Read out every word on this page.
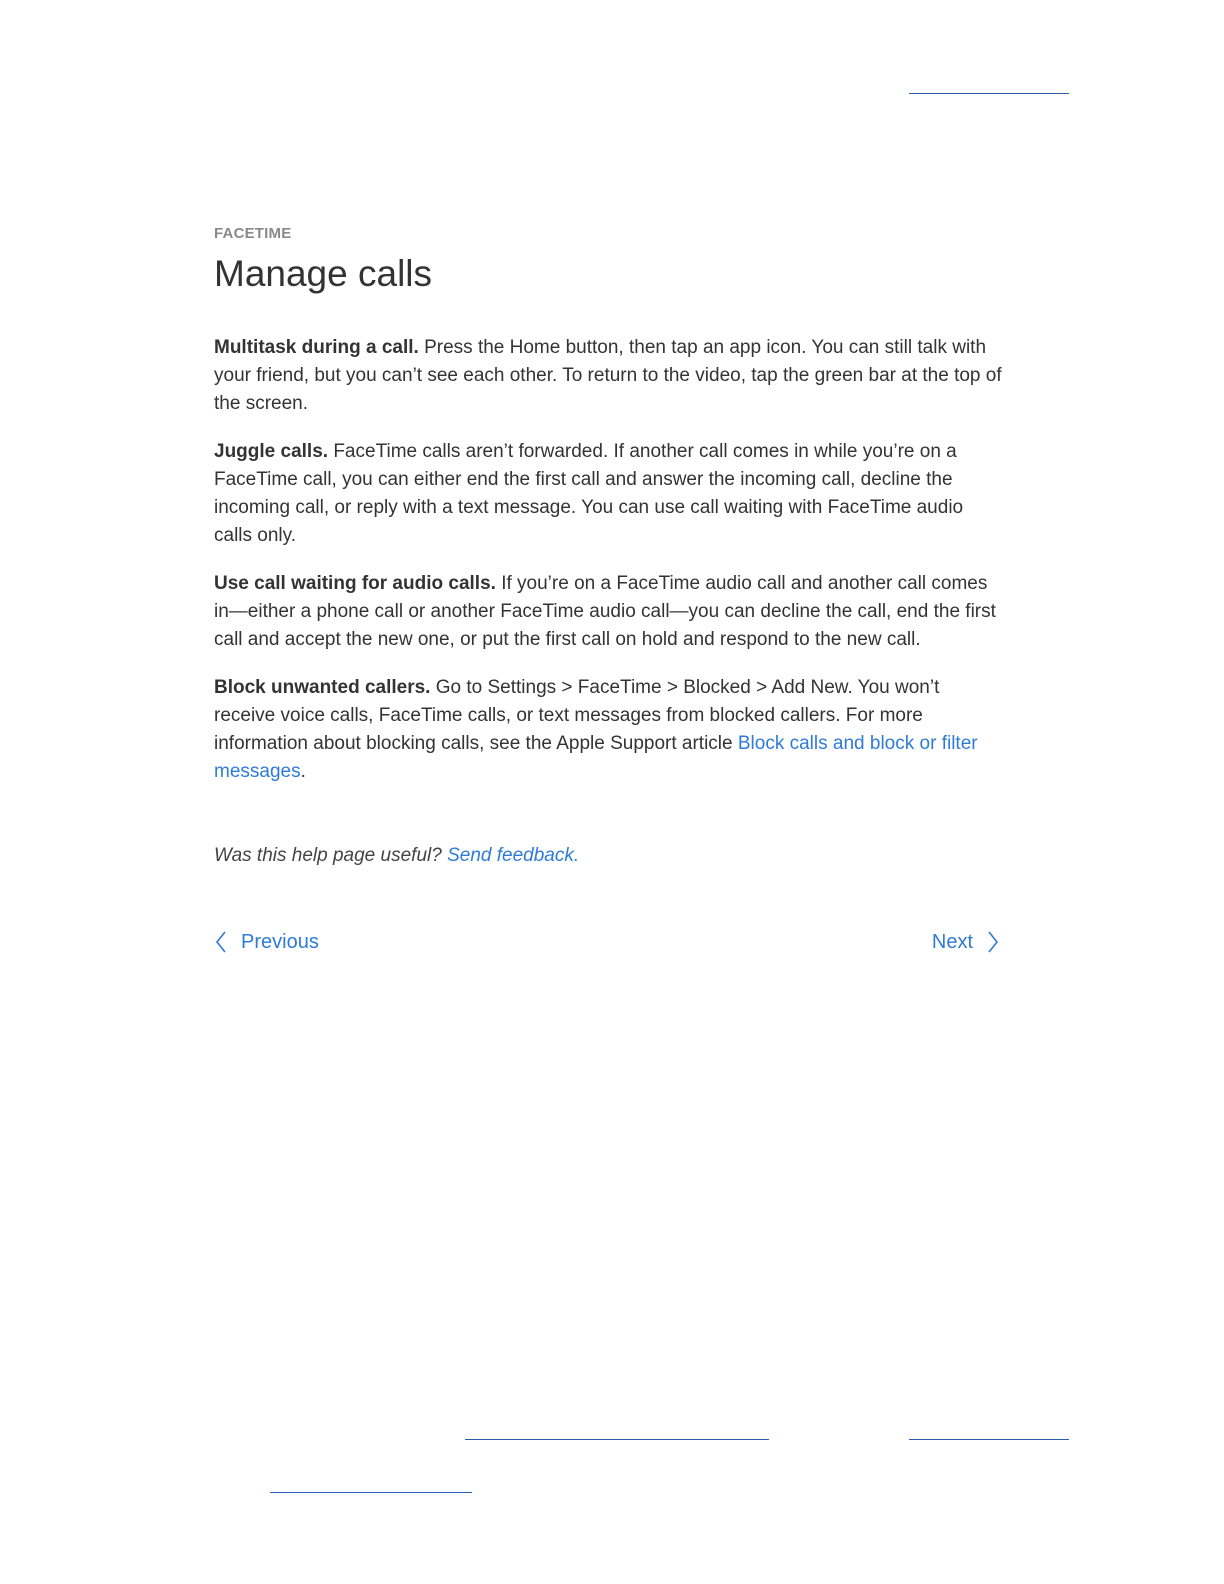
FACETIME

Manage calls

Multitask during a call. Press the Home button, then tap an app icon. You can still talk with your friend, but you can’t see each other. To return to the video, tap the green bar at the top of the screen.

Juggle calls. FaceTime calls aren’t forwarded. If another call comes in while you’re on a FaceTime call, you can either end the first call and answer the incoming call, decline the incoming call, or reply with a text message. You can use call waiting with FaceTime audio calls only.

Use call waiting for audio calls. If you’re on a FaceTime audio call and another call comes in—either a phone call or another FaceTime audio call—you can decline the call, end the first call and accept the new one, or put the first call on hold and respond to the new call.

Block unwanted callers. Go to Settings > FaceTime > Blocked > Add New. You won’t receive voice calls, FaceTime calls, or text messages from blocked callers. For more information about blocking calls, see the Apple Support article Block calls and block or filter messages.

Was this help page useful? Send feedback.

Previous	Next
